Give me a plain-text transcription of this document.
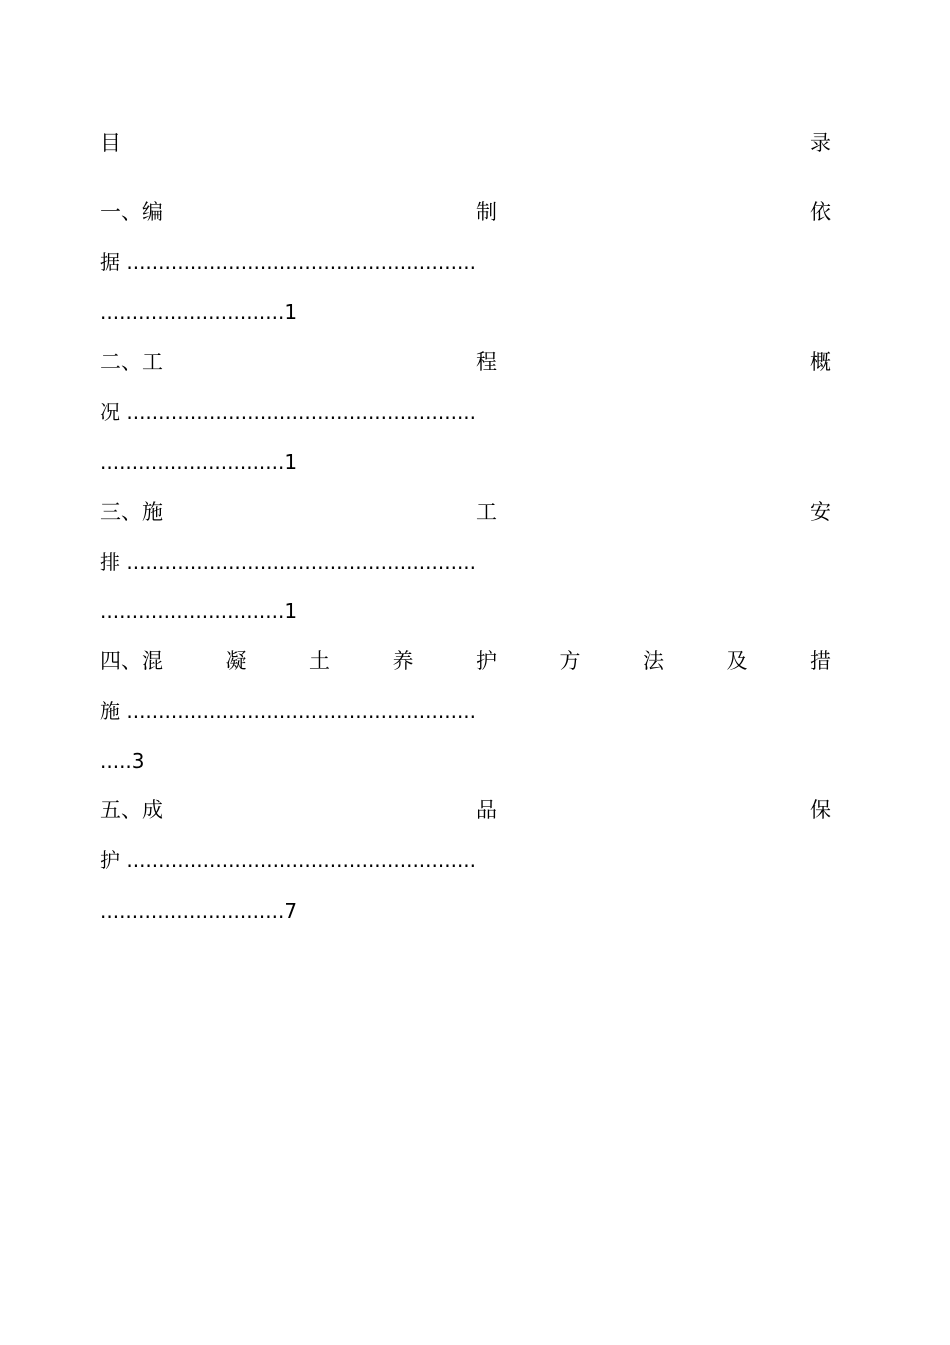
目	录
一、编	制	依
据 .......................................................
.............................1
二、工	程	概
况 .......................................................
.............................1
三、施	工	安
排 .......................................................
.............................1
四、混	凝	土	养	护	方	法	及	措
施 .......................................................
.....3
五、成	品	保
护 .......................................................
.............................7
